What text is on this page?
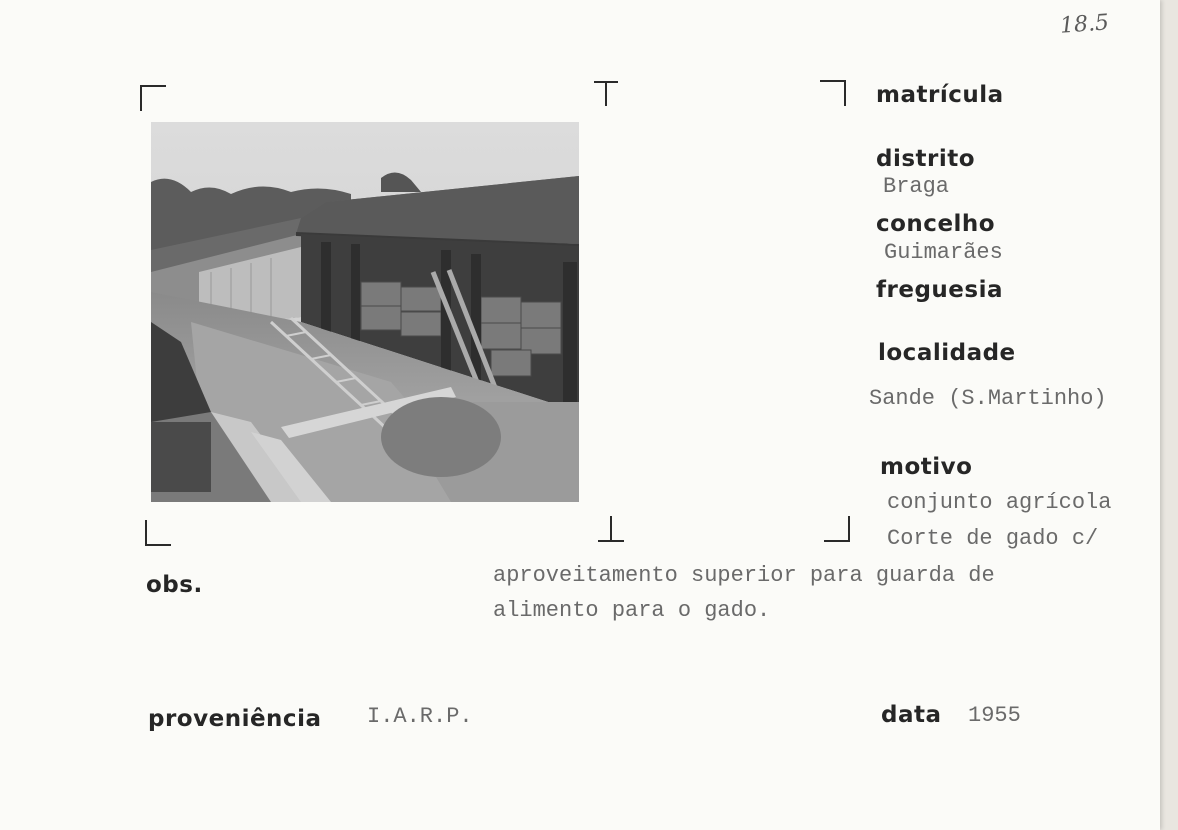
18.5
matrícula
distrito
Braga
concelho
Guimarães
freguesia
localidade
Sande (S.Martinho)
motivo
conjunto agrícola
Corte de gado c/
obs.	aproveitamento superior para guarda de
alimento para o gado.
proveniência I.A.R.P.	data 1955
